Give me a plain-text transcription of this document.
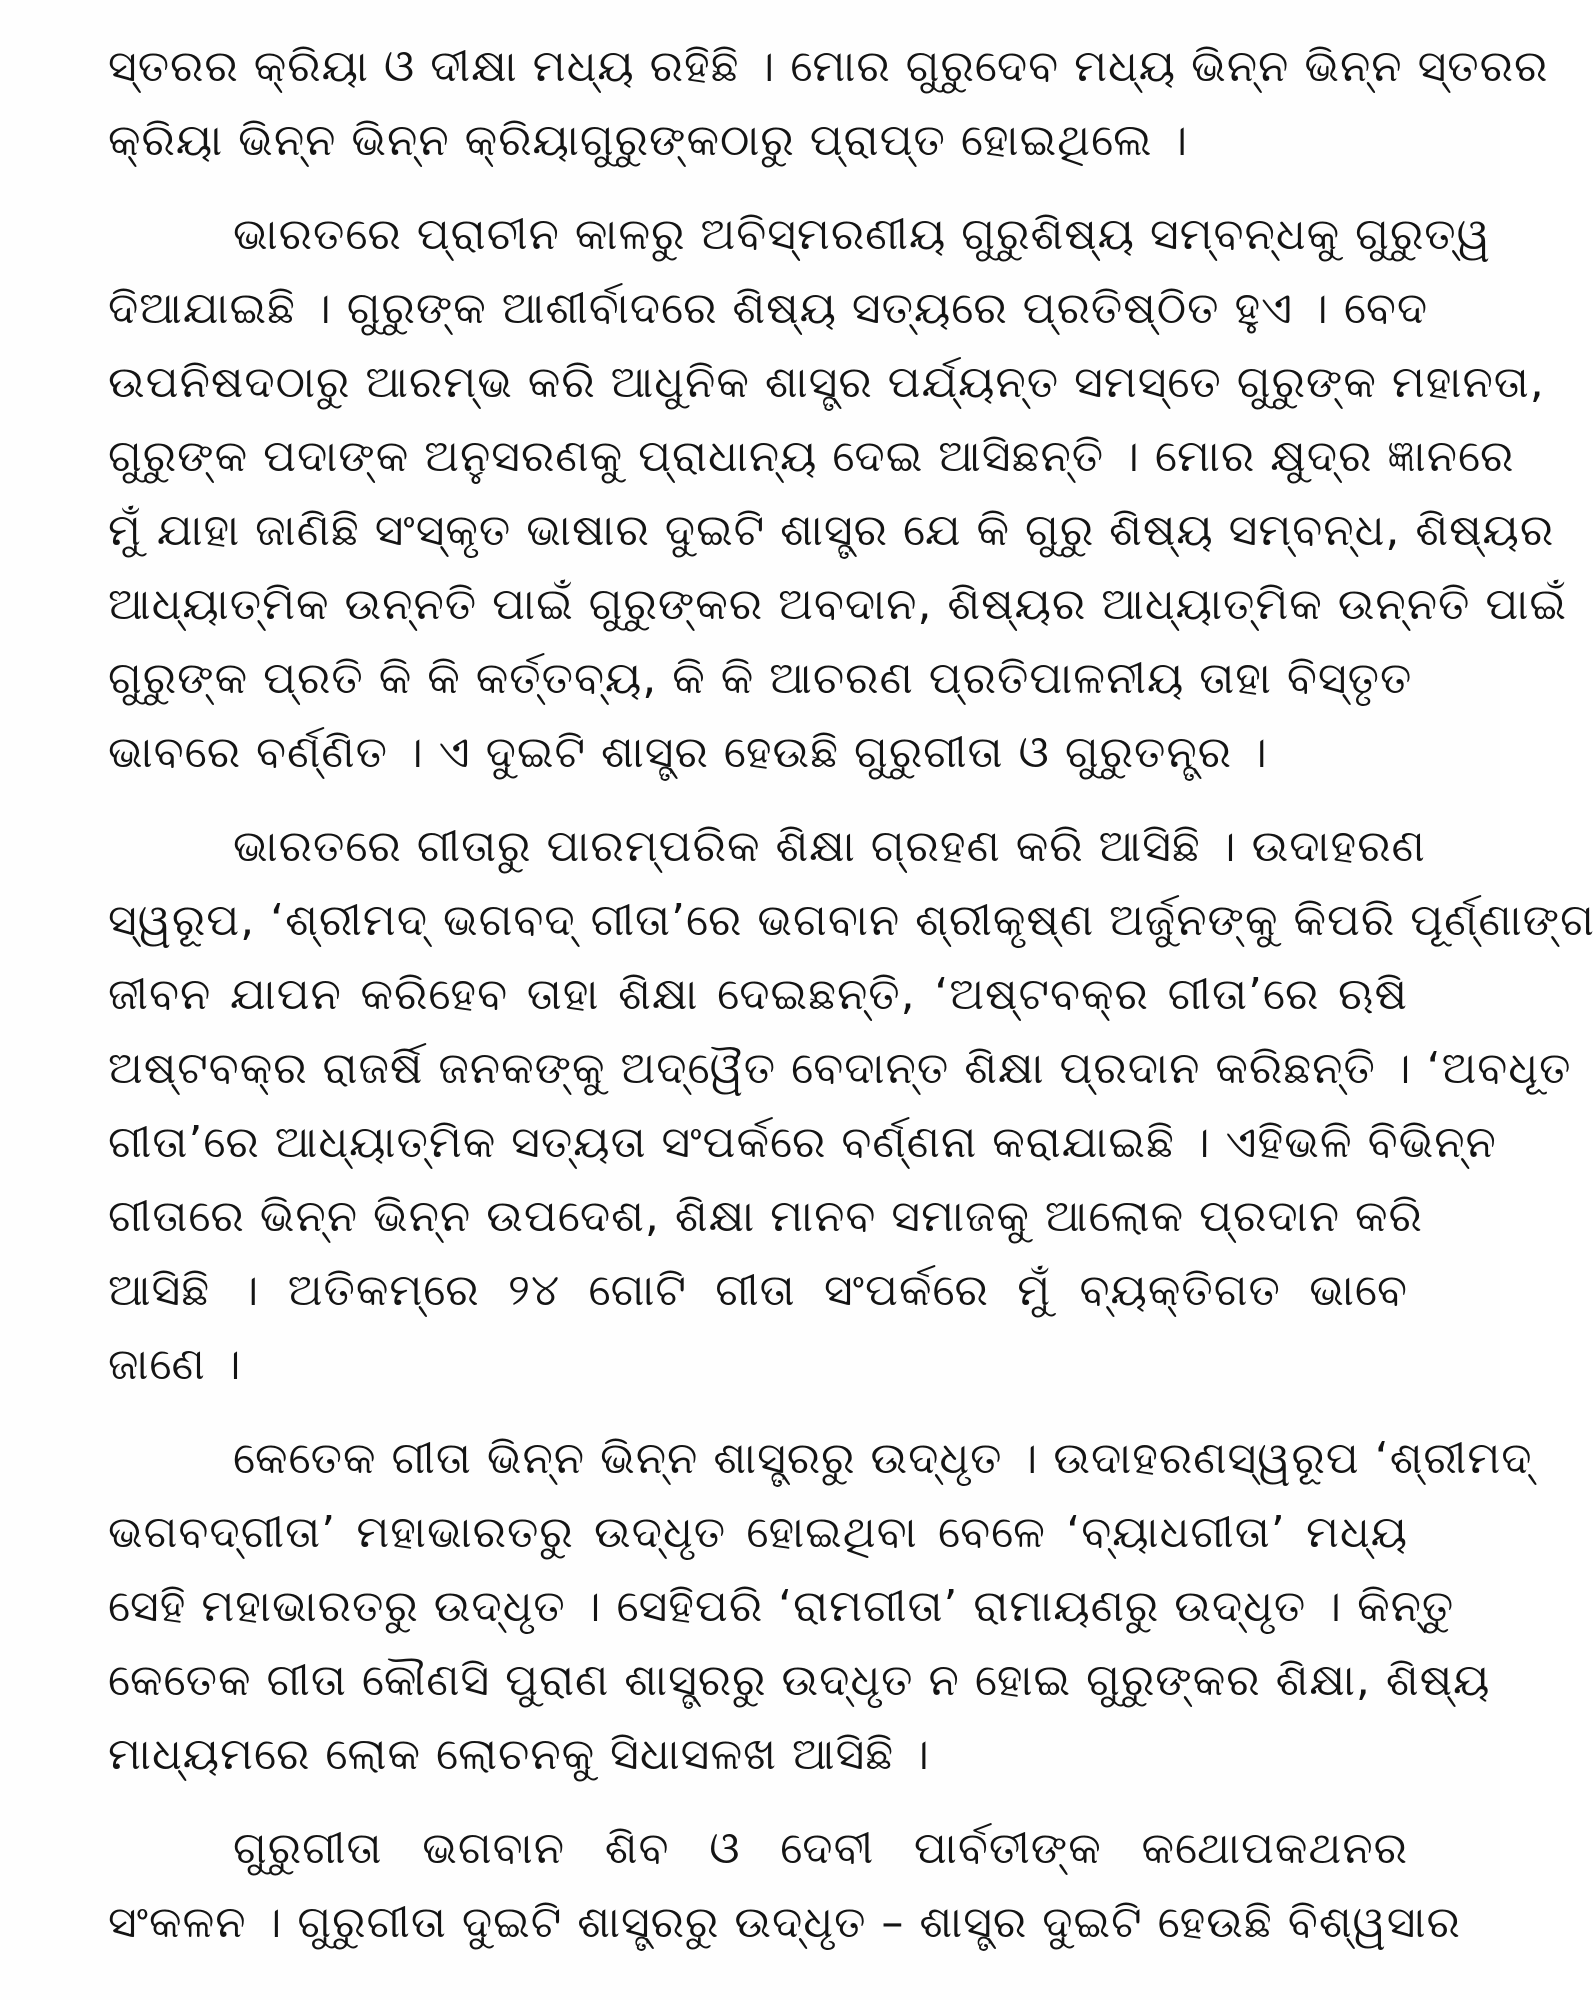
ସ୍ତରର କ୍ରିୟା ଓ ଦୀକ୍ଷା ମଧ୍ୟ ରହିଛି । ମୋର ଗୁରୁଦେବ ମଧ୍ୟ ଭିନ୍ନ ଭିନ୍ନ ସ୍ତରର
କ୍ରିୟା ଭିନ୍ନ ଭିନ୍ନ କ୍ରିୟାଗୁରୁଙ୍କଠାରୁ ପ୍ରାପ୍ତ ହୋଇଥିଲେ ।
ଭାରତରେ ପ୍ରାଚୀନ କାଳରୁ ଅବିସ୍ମରଣୀୟ ଗୁରୁଶିଷ୍ୟ ସମ୍ବନ୍ଧକୁ ଗୁରୁତ୍ୱ
ଦିଆଯାଇଛି । ଗୁରୁଙ୍କ ଆଶୀର୍ବାଦରେ ଶିଷ୍ୟ ସତ୍ୟରେ ପ୍ରତିଷ୍ଠିତ ହୁଏ । ବେଦ
ଉପନିଷଦଠାରୁ ଆରମ୍ଭ କରି ଆଧୁନିକ ଶାସ୍ତ୍ର ପର୍ଯ୍ୟନ୍ତ ସମସ୍ତେ ଗୁରୁଙ୍କ ମହାନତା,
ଗୁରୁଙ୍କ ପଦାଙ୍କ ଅନୁସରଣକୁ ପ୍ରାଧାନ୍ୟ ଦେଇ ଆସିଛନ୍ତି । ମୋର କ୍ଷୁଦ୍ର ଜ୍ଞାନରେ
ମୁଁ ଯାହା ଜାଣିଛି ସଂସ୍କୃତ ଭାଷାର ଦୁଇଟି ଶାସ୍ତ୍ର ଯେ କି ଗୁରୁ ଶିଷ୍ୟ ସମ୍ବନ୍ଧ, ଶିଷ୍ୟର
ଆଧ୍ୟାତ୍ମିକ ଉନ୍ନତି ପାଇଁ ଗୁରୁଙ୍କର ଅବଦାନ, ଶିଷ୍ୟର ଆଧ୍ୟାତ୍ମିକ ଉନ୍ନତି ପାଇଁ
ଗୁରୁଙ୍କ ପ୍ରତି କି କି କର୍ତ୍ତବ୍ୟ, କି କି ଆଚରଣ ପ୍ରତିପାଳନୀୟ ତାହା ବିସ୍ତୃତ
ଭାବରେ ବର୍ଣ୍ଣିତ । ଏ ଦୁଇଟି ଶାସ୍ତ୍ର ହେଉଛି ଗୁରୁଗୀତା ଓ ଗୁରୁତନ୍ତ୍ର ।
ଭାରତରେ ଗୀତାରୁ ପାରମ୍ପରିକ ଶିକ୍ଷା ଗ୍ରହଣ କରି ଆସିଛି । ଉଦାହରଣ
ସ୍ୱରୂପ, ‘ଶ୍ରୀମଦ୍ ଭଗବଦ୍ ଗୀତା’ରେ ଭଗବାନ ଶ୍ରୀକୃଷ୍ଣ ଅର୍ଜୁନଙ୍କୁ କିପରି ପୂର୍ଣ୍ଣାଙ୍ଗ
ଜୀବନ ଯାପନ କରିହେବ ତାହା ଶିକ୍ଷା ଦେଇଛନ୍ତି, ‘ଅଷ୍ଟବକ୍ର ଗୀତା’ରେ ଋଷି
ଅଷ୍ଟବକ୍ର ରାଜର୍ଷି ଜନକଙ୍କୁ ଅଦ୍ୱୈତ ବେଦାନ୍ତ ଶିକ୍ଷା ପ୍ରଦାନ କରିଛନ୍ତି । ‘ଅବଧୂତ
ଗୀତା’ରେ ଆଧ୍ୟାତ୍ମିକ ସତ୍ୟତା ସଂପର୍କରେ ବର୍ଣ୍ଣନା କରାଯାଇଛି । ଏହିଭଳି ବିଭିନ୍ନ
ଗୀତାରେ ଭିନ୍ନ ଭିନ୍ନ ଉପଦେଶ, ଶିକ୍ଷା ମାନବ ସମାଜକୁ ଆଲୋକ ପ୍ରଦାନ କରି
ଆସିଛି । ଅତିକମ୍‌ରେ ୨୪ ଗୋଟି ଗୀତା ସଂପର୍କରେ ମୁଁ ବ୍ୟକ୍ତିଗତ ଭାବେ
ଜାଣେ ।
କେତେକ ଗୀତା ଭିନ୍ନ ଭିନ୍ନ ଶାସ୍ତ୍ରରୁ ଉଦ୍ଧୃତ । ଉଦାହରଣସ୍ୱରୂପ ‘ଶ୍ରୀମଦ୍
ଭଗବଦ୍‌ଗୀତା’ ମହାଭାରତରୁ ଉଦ୍ଧୃତ ହୋଇଥିବା ବେଳେ ‘ବ୍ୟାଧଗୀତା’ ମଧ୍ୟ
ସେହି ମହାଭାରତରୁ ଉଦ୍ଧୃତ । ସେହିପରି ‘ରାମଗୀତା’ ରାମାୟଣରୁ ଉଦ୍ଧୃତ । କିନ୍ତୁ
କେତେକ ଗୀତା କୌଣସି ପୁରାଣ ଶାସ୍ତ୍ରରୁ ଉଦ୍ଧୃତ ନ ହୋଇ ଗୁରୁଙ୍କର ଶିକ୍ଷା, ଶିଷ୍ୟ
ମାଧ୍ୟମରେ ଲୋକ ଲୋଚନକୁ ସିଧାସଳଖ ଆସିଛି ।
ଗୁରୁଗୀତା ଭଗବାନ ଶିବ ଓ ଦେବୀ ପାର୍ବତୀଙ୍କ କଥୋପକଥନର
ସଂକଳନ । ଗୁରୁଗୀତା ଦୁଇଟି ଶାସ୍ତ୍ରରୁ ଉଦ୍ଧୃତ – ଶାସ୍ତ୍ର ଦୁଇଟି ହେଉଛି ବିଶ୍ୱସାର
